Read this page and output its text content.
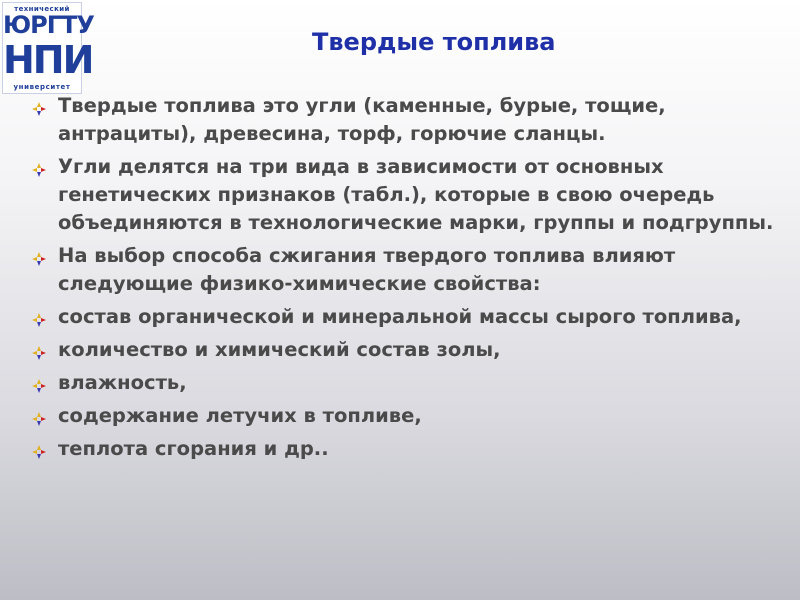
технический
ЮРГТУ
НПИ
университет
Твердые топлива
Твердые топлива это угли (каменные, бурые, тощие, антрациты), древесина, торф, горючие сланцы.
Угли делятся на три вида в зависимости от основных генетических признаков (табл.), которые в свою очередь объединяются в технологические марки, группы и подгруппы.
На выбор способа сжигания твердого топлива влияют следующие физико-химические свойства:
состав органической и минеральной массы сырого топлива,
количество и химический состав золы,
влажность,
содержание летучих в топливе,
теплота сгорания и др..
